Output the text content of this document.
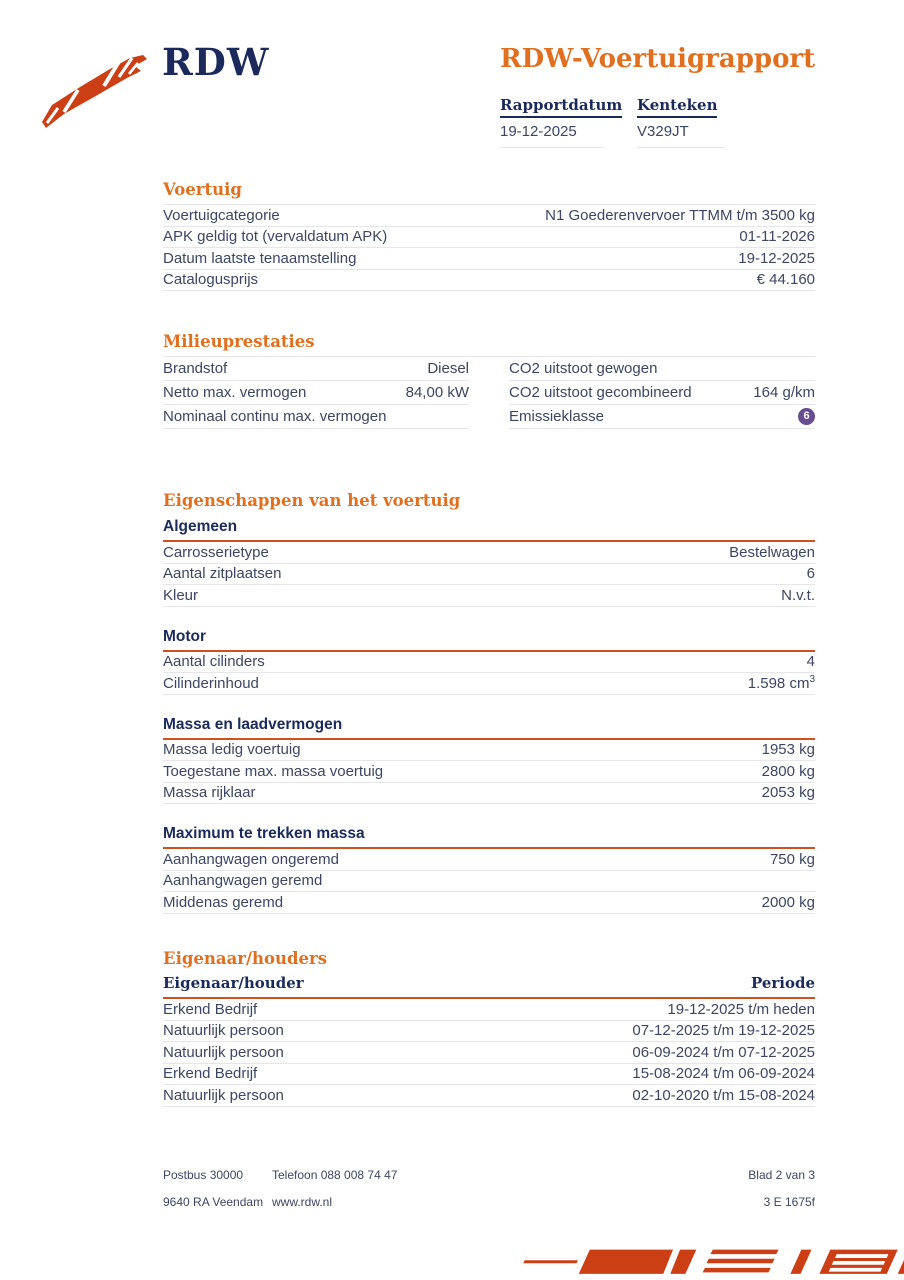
RDW	RDW-Voertuigrapport
Rapportdatum
19-12-2025
Kenteken
V329JT
Voertuig
Voertuigcategorie	N1 Goederenvervoer TTMM t/m 3500 kg
APK geldig tot (vervaldatum APK)	01-11-2026
Datum laatste tenaamstelling	19-12-2025
Catalogusprijs	€ 44.160
Milieuprestaties
Brandstof	Diesel
Netto max. vermogen	84,00 kW
Nominaal continu max. vermogen
CO2 uitstoot gewogen
CO2 uitstoot gecombineerd	164 g/km
Emissieklasse	6
Eigenschappen van het voertuig
Algemeen
Carrosserietype	Bestelwagen
Aantal zitplaatsen	6
Kleur	N.v.t.
Motor
Aantal cilinders	4
Cilinderinhoud	1.598 $cm^3$
Massa en laadvermogen
Massa ledig voertuig	1953 kg
Toegestane max. massa voertuig	2800 kg
Massa rijklaar	2053 kg
Maximum te trekken massa
Aanhangwagen ongeremd	750 kg
Aanhangwagen geremd
Middenas geremd	2000 kg
Eigenaar/houders
Eigenaar/houder	Periode
Erkend Bedrijf	19-12-2025 t/m heden
Natuurlijk persoon	07-12-2025 t/m 19-12-2025
Natuurlijk persoon	06-09-2024 t/m 07-12-2025
Erkend Bedrijf	15-08-2024 t/m 06-09-2024
Natuurlijk persoon	02-10-2020 t/m 15-08-2024
Postbus 30000	Telefoon 088 008 74 47	Blad 2 van 3
9640 RA Veendam www.rdw.nl	3 E 1675f
